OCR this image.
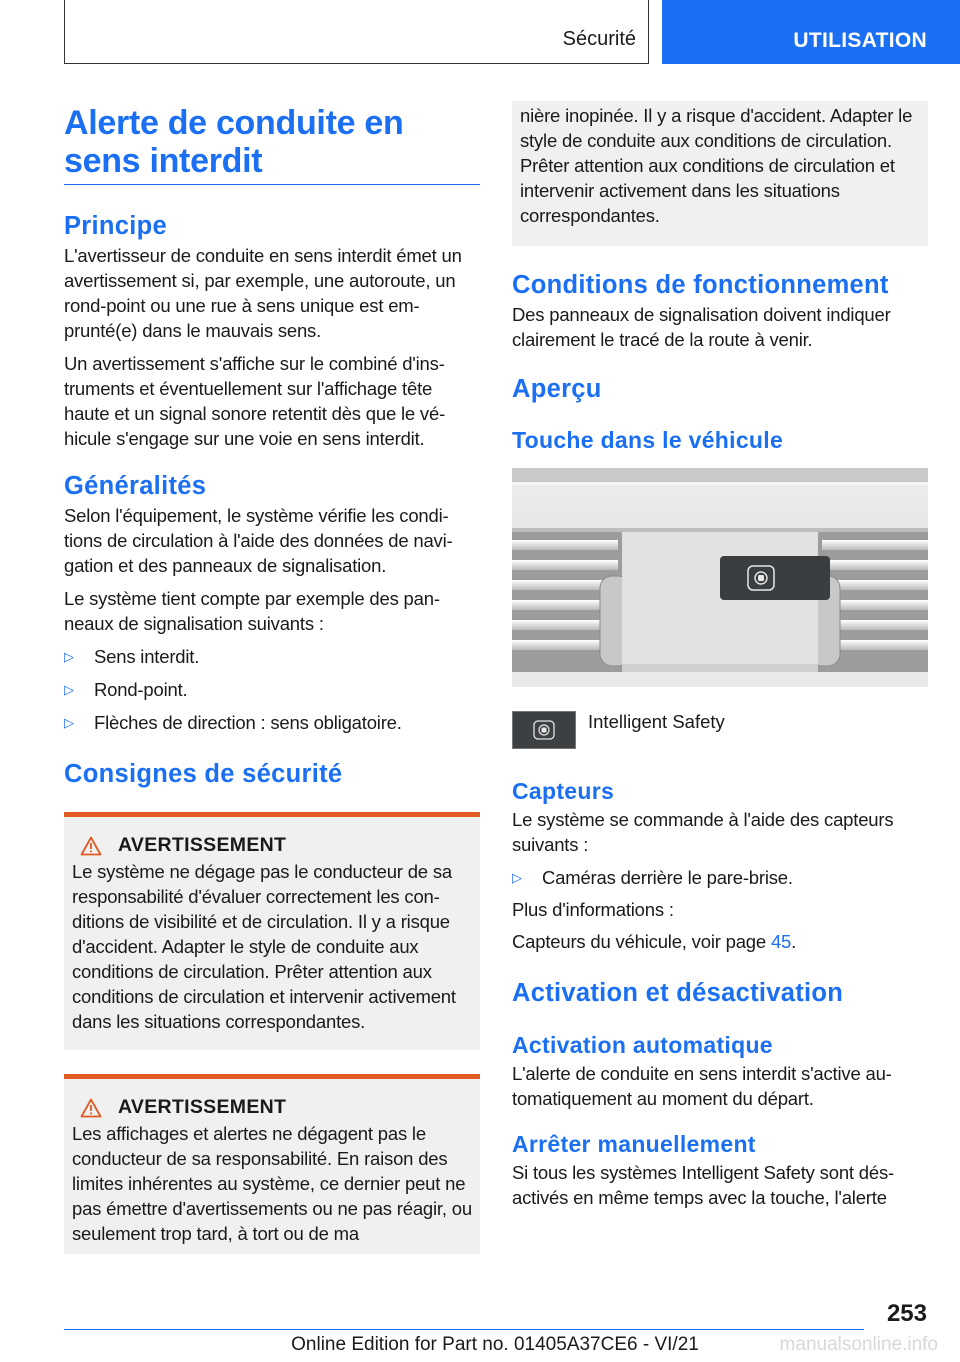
Sécurité	UTILISATION
Alerte de conduite en sens interdit
Principe

L'avertisseur de conduite en sens interdit émet un avertissement si, par exemple, une autoroute, un rond-point ou une rue à sens unique est emprunté(e) dans le mauvais sens.

Un avertissement s'affiche sur le combiné d'instruments et éventuellement sur l'affichage tête haute et un signal sonore retentit dès que le véhicule s'engage sur une voie en sens interdit.

Généralités

Selon l'équipement, le système vérifie les conditions de circulation à l'aide des données de navigation et des panneaux de signalisation.

Le système tient compte par exemple des panneaux de signalisation suivants :

▷ Sens interdit.
▷ Rond-point.
▷ Flèches de direction : sens obligatoire.
Consignes de sécurité
AVERTISSEMENT

Le système ne dégage pas le conducteur de sa responsabilité d'évaluer correctement les conditions de visibilité et de circulation. Il y a risque d'accident. Adapter le style de conduite aux conditions de circulation. Prêter attention aux conditions de circulation et intervenir activement dans les situations correspondantes.

AVERTISSEMENT

Les affichages et alertes ne dégagent pas le conducteur de sa responsabilité. En raison des limites inhérentes au système, ce dernier peut ne pas émettre d'avertissements ou ne pas réagir, ou seulement trop tard, à tort ou de ma

nière inopinée. Il y a risque d'accident. Adapter le style de conduite aux conditions de circulation. Prêter attention aux conditions de circulation et intervenir activement dans les situations correspondantes.

Conditions de fonctionnement

Des panneaux de signalisation doivent indiquer clairement le tracé de la route à venir.

Aperçu
Touche dans le véhicule
Intelligent Safety
Capteurs

Le système se commande à l'aide des capteurs suivants :

▷ Caméras derrière le pare-brise.

Plus d'informations :

Capteurs du véhicule, voir page 45.

Activation et désactivation
Activation automatique

L'alerte de conduite en sens interdit s'active automatiquement au moment du départ.

Arrêter manuellement

Si tous les systèmes Intelligent Safety sont désactivés en même temps avec la touche, l'alerte

253
Online Edition for Part no. 01405A37CE6 - VI/21	manualsonline.info
